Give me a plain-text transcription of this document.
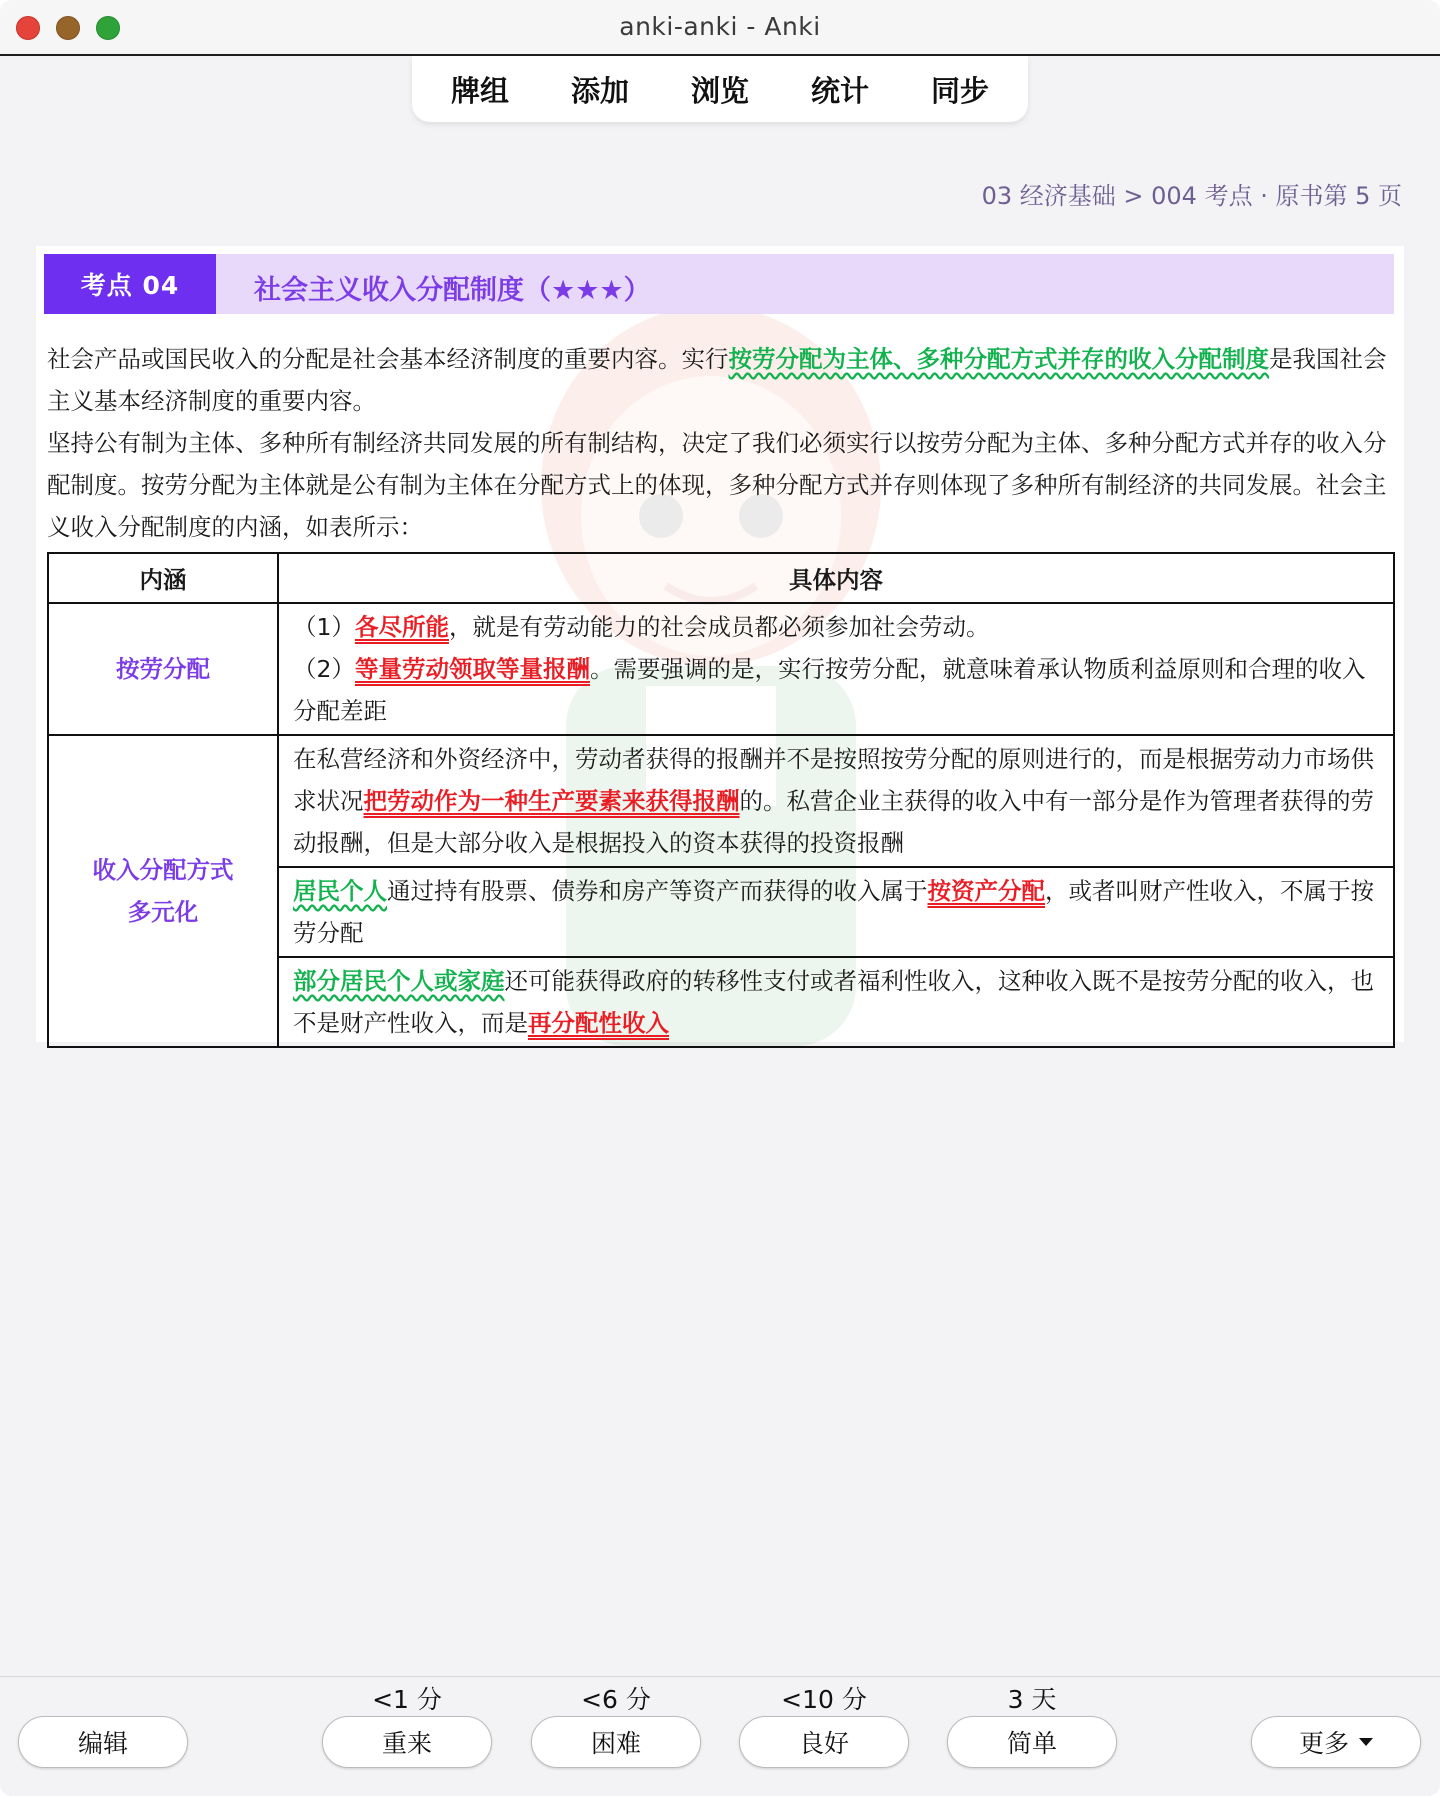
anki-anki - Anki
牌组	添加	浏览	统计	同步
03 经济基础 > 004 考点 · 原书第 5 页
考点 04	社会主义收入分配制度（★★★）
社会产品或国民收入的分配是社会基本经济制度的重要内容。实行按劳分配为主体、多种分配方式并存的收入分配制度是我国社会主义基本经济制度的重要内容。
坚持公有制为主体、多种所有制经济共同发展的所有制结构，决定了我们必须实行以按劳分配为主体、多种分配方式并存的收入分配制度。按劳分配为主体就是公有制为主体在分配方式上的体现，多种分配方式并存则体现了多种所有制经济的共同发展。社会主义收入分配制度的内涵，如表所示：
内涵	具体内容
按劳分配	（1）各尽所能，就是有劳动能力的社会成员都必须参加社会劳动。
（2）等量劳动领取等量报酬。需要强调的是，实行按劳分配，就意味着承认物质利益原则和合理的收入分配差距

收入分配方式
多元化	在私营经济和外资经济中，劳动者获得的报酬并不是按照按劳分配的原则进行的，而是根据劳动力市场供求状况把劳动作为一种生产要素来获得报酬的。私营企业主获得的收入中有一部分是作为管理者获得的劳动报酬，但是大部分收入是根据投入的资本获得的投资报酬
	居民个人通过持有股票、债券和房产等资产而获得的收入属于按资产分配，或者叫财产性收入，不属于按劳分配
	部分居民个人或家庭还可能获得政府的转移性支付或者福利性收入，这种收入既不是按劳分配的收入，也不是财产性收入，而是再分配性收入
<1 分	<6 分	<10 分	3 天
编辑	重来	困难	良好	简单	更多
